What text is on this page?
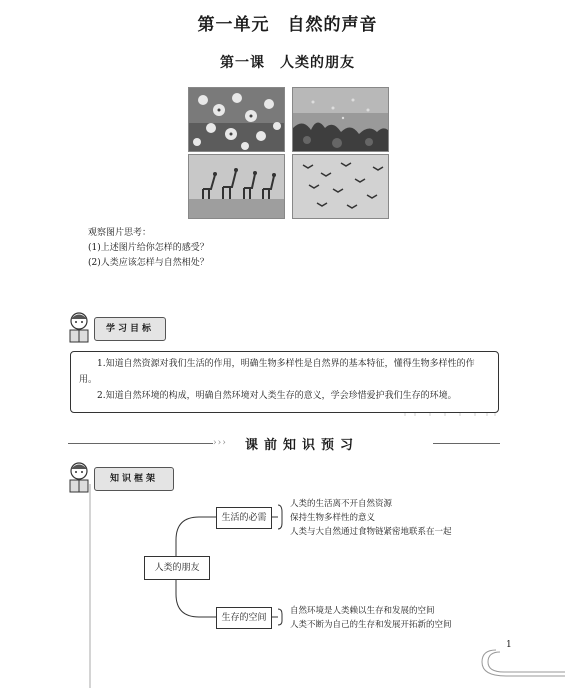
第一单元　自然的声音
第一课　人类的朋友
观察图片思考：
(1)上述图片给你怎样的感受？
(2)人类应该怎样与自然相处？
学习目标

1.知道自然资源对我们生活的作用，明确生物多样性是自然界的基本特征，懂得生物多样性的作用。

2.知道自然环境的构成，明确自然环境对人类生存的意义，学会珍惜爱护我们生存的环境。

››› 课前知识预习
知识框架
人类的朋友
生活的必需
人类的生活离不开自然资源
保持生物多样性的意义
人类与大自然通过食物链紧密地联系在一起
生存的空间
自然环境是人类赖以生存和发展的空间
人类不断为自己的生存和发展开拓新的空间
1
